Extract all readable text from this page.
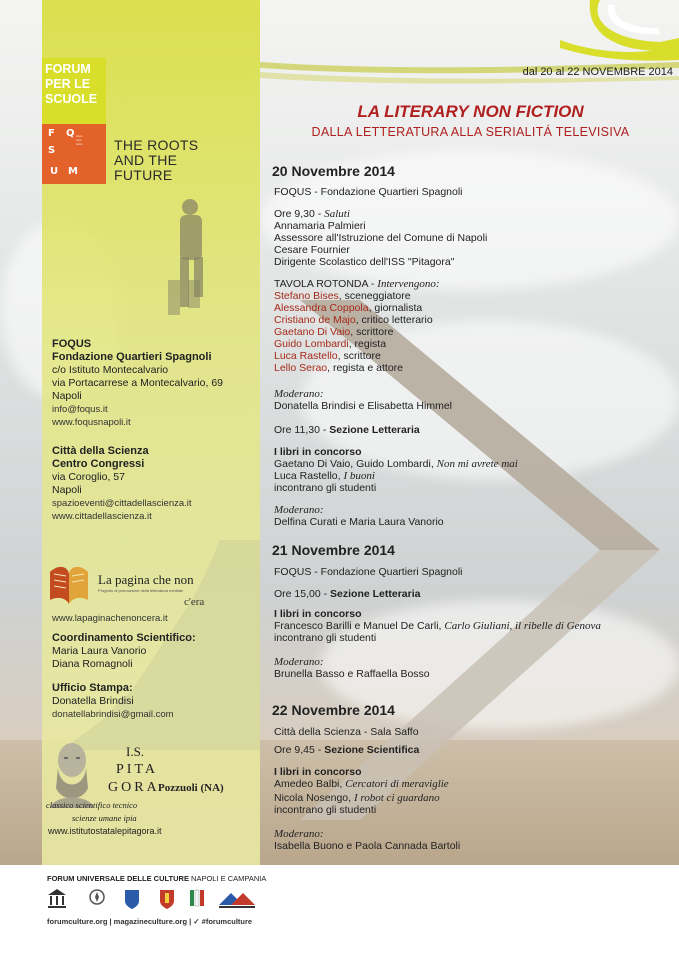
dal 20 al 22 NOVEMBRE 2014
FORUM
PER LE
SCUOLE
F Q
S
U M
▪▪▪▪▪▪
▪▪▪▪▪
▪▪▪▪▪▪	THE ROOTS
AND THE
FUTURE
FOQUS
Fondazione Quartieri Spagnoli
c/o Istituto Montecalvario
via Portacarrese a Montecalvario, 69
Napoli
info@foqus.it
www.foqusnapoli.it
Città della Scienza
Centro Congressi
via Coroglio, 57
Napoli
spazioeventi@cittadellascienza.it
www.cittadellascienza.it
La pagina che non
Progetto di promozione della letteratura mediale
c'era
www.lapaginachenoncera.it
Coordinamento Scientifico:
Maria Laura Vanorio
Diana Romagnoli
Ufficio Stampa:
Donatella Brindisi
donatellabrindisi@gmail.com
I.S.
PITA
GORA
Pozzuoli (NA)
classico scientifico tecnico
scienze umane ipia
www.istitutostatalepitagora.it
LA LITERARY NON FICTION
DALLA LETTERATURA ALLA SERIALITÁ TELEVISIVA
20 Novembre 2014
FOQUS - Fondazione Quartieri Spagnoli
Ore 9,30 - Saluti
Annamaria Palmieri
Assessore all'Istruzione del Comune di Napoli
Cesare Fournier
Dirigente Scolastico dell'ISS "Pitagora"
TAVOLA ROTONDA - Intervengono:
Stefano Bises, sceneggiatore
Alessandra Coppola, giornalista
Cristiano de Majo, critico letterario
Gaetano Di Vaio, scrittore
Guido Lombardi, regista
Luca Rastello, scrittore
Lello Serao, regista e attore
Moderano:
Donatella Brindisi e Elisabetta Himmel
Ore 11,30 - Sezione Letteraria
I libri in concorso
Gaetano Di Vaio, Guido Lombardi, Non mi avrete mai
Luca Rastello, I buoni
incontrano gli studenti
Moderano:
Delfina Curati e Maria Laura Vanorio
21 Novembre 2014
FOQUS - Fondazione Quartieri Spagnoli
Ore 15,00 - Sezione Letteraria
I libri in concorso
Francesco Barilli e Manuel De Carli, Carlo Giuliani, il ribelle di Genova
incontrano gli studenti
Moderano:
Brunella Basso e Raffaella Bosso
22 Novembre 2014
Città della Scienza - Sala Saffo
Ore 9,45 - Sezione Scientifica
I libri in concorso
Amedeo Balbi, Cercatori di meraviglie
Nicola Nosengo, I robot ci guardano
incontrano gli studenti
Moderano:
Isabella Buono e Paola Cannada Bartoli
FORUM UNIVERSALE DELLE CULTURE NAPOLI E CAMPANIA
forumculture.org | magazineculture.org | ✓ #forumculture
